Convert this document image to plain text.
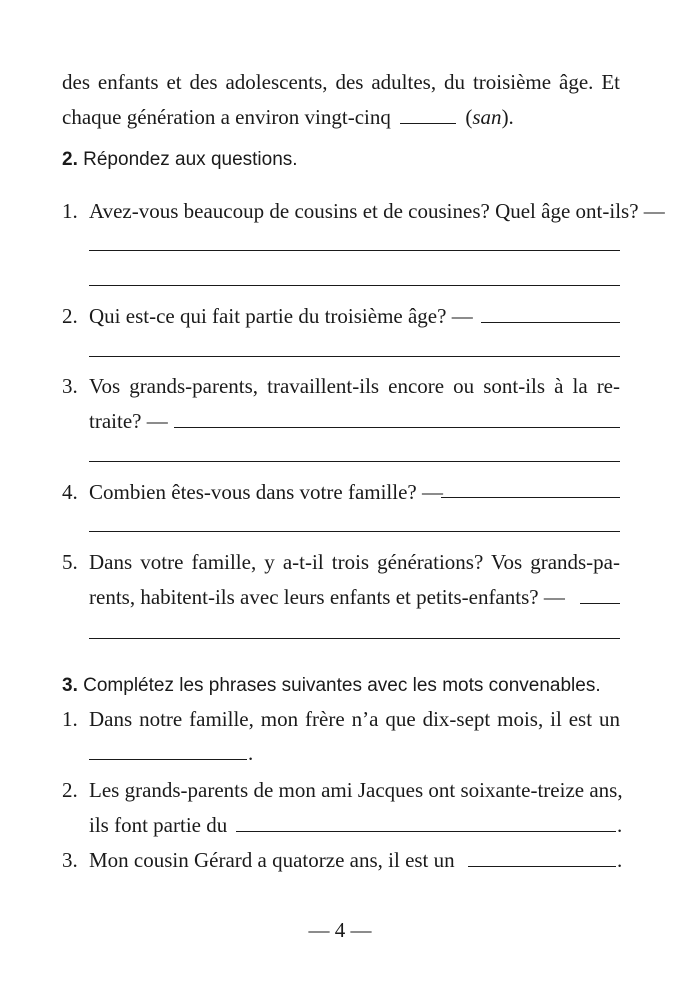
des enfants et des adolescents, des adultes, du troisième âge. Et
chaque génération a environ vingt-cinq	(san).
2. Répondez aux questions.
1. Avez-vous beaucoup de cousins et de cousines? Quel âge ont-ils? —
2. Qui est-ce qui fait partie du troisième âge? —
3. Vos grands-parents, travaillent-ils encore ou sont-ils à la re-
traite? —
4. Combien êtes-vous dans votre famille? —
5. Dans votre famille, y a-t-il trois générations? Vos grands-pa-
rents, habitent-ils avec leurs enfants et petits-enfants? —
3. Complétez les phrases suivantes avec les mots convenables.
1. Dans notre famille, mon frère n’a que dix-sept mois, il est un
.
2. Les grands-parents de mon ami Jacques ont soixante-treize ans,
ils font partie du	.
3. Mon cousin Gérard a quatorze ans, il est un	.
— 4 —
